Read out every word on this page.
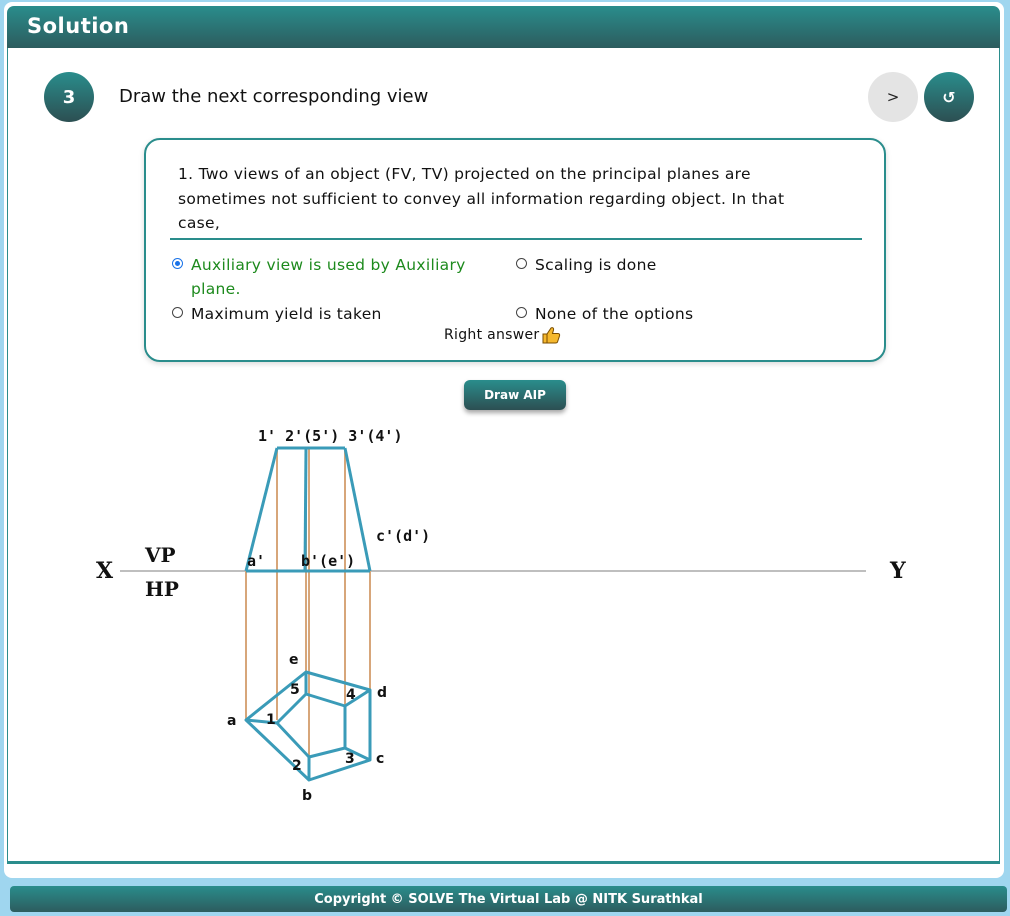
Solution
3	Draw the next corresponding view	>	↺
1. Two views of an object (FV, TV) projected on the principal planes are sometimes not sufficient to convey all information regarding object. In that case,
Auxiliary view is used by Auxiliary plane.
Scaling is done
Maximum yield is taken	None of the options
Right answer
Draw AIP
X	Y
VP
HP
1' 2'(5') 3'(4')
c'(d')
a' b'(e')
a
b
c
d
e
1
2	3
4
5
Copyright © SOLVE The Virtual Lab @ NITK Surathkal
